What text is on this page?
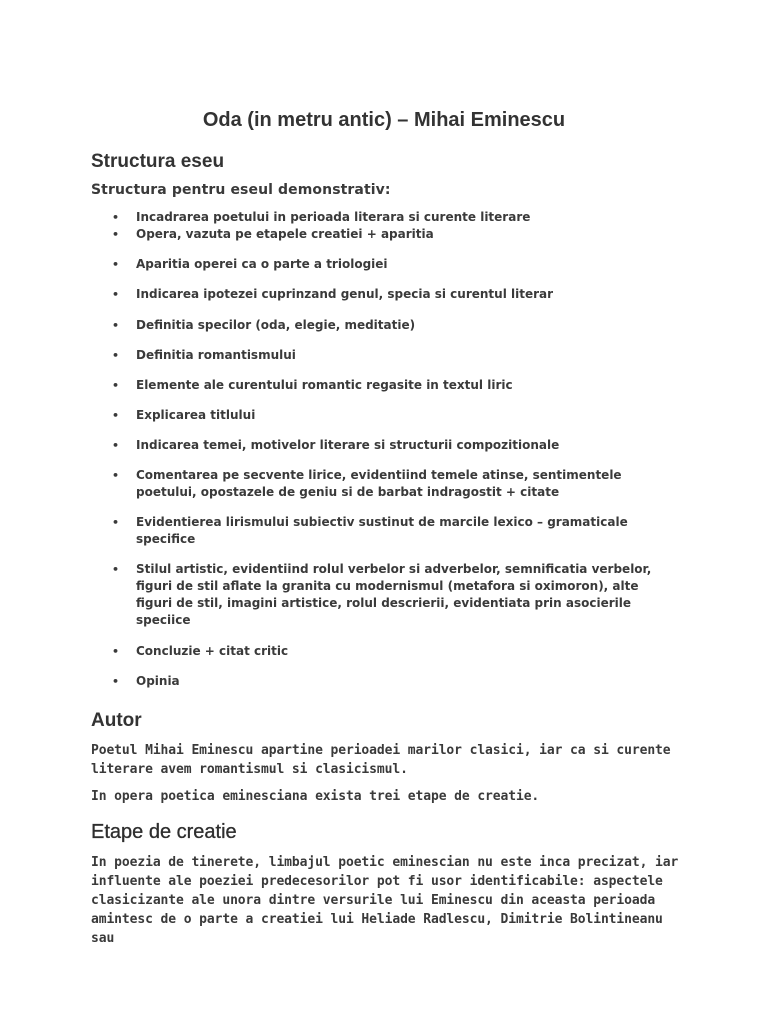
Oda (in metru antic) – Mihai Eminescu
Structura eseu

Structura pentru eseul demonstrativ:

•	Incadrarea poetului in perioada literara si curente literare
•	Opera, vazuta pe etapele creatiei + aparitia
•	Aparitia operei ca o parte a triologiei
•	Indicarea ipotezei cuprinzand genul, specia si curentul literar
•	Definitia specilor (oda, elegie, meditatie)
•	Definitia romantismului
•	Elemente ale curentului romantic regasite in textul liric
•	Explicarea titlului
•	Indicarea temei, motivelor literare si structurii compozitionale
•	Comentarea pe secvente lirice, evidentiind temele atinse, sentimentele poetului, opostazele de geniu si de barbat indragostit + citate
•	Evidentierea lirismului subiectiv sustinut de marcile lexico – gramaticale specifice
•	Stilul artistic, evidentiind rolul verbelor si adverbelor, semnificatia verbelor, figuri de stil aflate la granita cu modernismul (metafora si oximoron), alte figuri de stil, imagini artistice, rolul descrierii, evidentiata prin asocierile speciice
•	Concluzie + citat critic
•	Opinia
Autor

Poetul Mihai Eminescu apartine perioadei marilor clasici, iar ca si curente literare avem romantismul si clasicismul.

In opera poetica eminesciana exista trei etape de creatie.

Etape de creatie

In poezia de tinerete, limbajul poetic eminescian nu este inca precizat, iar influente ale poeziei predecesorilor pot fi usor identificabile: aspectele clasicizante ale unora dintre versurile lui Eminescu din aceasta perioada amintesc de o parte a creatiei lui Heliade Radlescu, Dimitrie Bolintineanu sau
